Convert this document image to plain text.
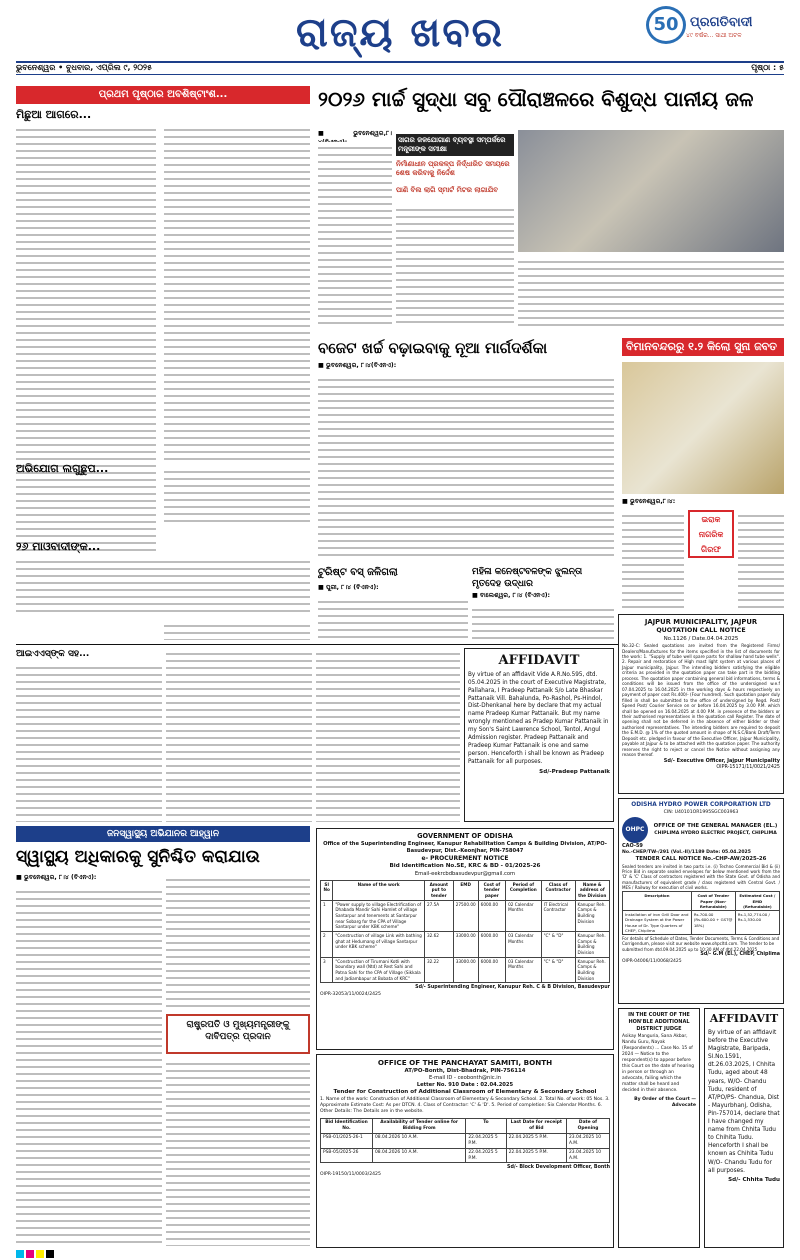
ରାଜ୍ୟ ଖବର	50 ପ୍ରଗତିବାଦୀ
୪୯ ବର୍ଷର... ସାଥୀ ଅଟଳ
ଭୁବନେଶ୍ୱର • ବୁଧବାର, ଏପ୍ରିଲ ୯, ୨୦୨୫	ପୃଷ୍ଠା : ୫
ପ୍ରଥମ ପୃଷ୍ଠାର ଅବଶିଷ୍ଟାଂଶ...
ମିଛୁଆ ଆଗରେ...
ଅଭିଯୋଗ ଲଗୁଛୁପ...
୨୬ ମାଓବାଦୀଙ୍କ...
୨୦୨୬ ମାର୍ଚ୍ଚ ସୁଦ୍ଧା ସବୁ ପୌରାଞ୍ଚଳରେ ବିଶୁଦ୍ଧ ପାନୀୟ ଜଳ
ସାଗର ଜଳଯୋଗାଣ ବ୍ୟବସ୍ଥା ସମ୍ପର୍କରେ ମନ୍ତ୍ରୀଙ୍କ ସମୀକ୍ଷା
ନିର୍ମାଣାଧୀନ ପ୍ରକଳ୍ପ ନିର୍ଦ୍ଧାରିତ ସମୟରେ ଶେଷ କରିବାକୁ ନିର୍ଦ୍ଦେଶ
ପାଣି ବିଲ ଲାଗି ସ୍ମାର୍ଟ ମିଟର ଲାଗାଯିବ
■ ଭୁବନେଶ୍ୱର,୮।
ବଜେଟ ଖର୍ଚ୍ଚ ବଢ଼ାଇବାକୁ ନୂଆ ମାର୍ଗଦର୍ଶିକା
■ ଭୁବନେଶ୍ୱର, ୮।୪(ବିଏନଏ):
ବିମାନବନ୍ଦରରୁ ୧.୨ କିଲୋ ସୁନା ଜବତ
■ ଭୁବନେଶ୍ୱର,୮।୪:
ଇରାକ
ନାଗରିକ
ଗିରଫ
ଟୁରିଷ୍ଟ ବସ୍ ଜଳିଗଲା
■ ପୁରୀ, ୮।୪ (ବିଏନଏ):
ମହିଳା କନେଷ୍ଟବଳଙ୍କ ଝୁଲନ୍ତା ମୃତଦେହ ଉଦ୍ଧାର
■ ବାଲେଶ୍ୱର, ୮।୪ (ବିଏନଏ):
ଆଇଏଏସ୍‌ଙ୍କ ସହ...	AFFIDAVIT
By virtue of an affidavit Vide A.R.No.595, dtd. 05.04.2025 in the court of Executive Magistrate, Pallahara, I Pradeep Pattanaik S/o Late Bhaskar Pattanaik Vill. Bahalunda, Po-Rashol, Ps-Hindol, Dist-Dhenkanal here by declare that my actual name Pradeep Kumar Pattanaik. But my name wrongly mentioned as Pradep Kumar Pattanaik in my Son's Saint Lawrence School, Tentol, Angul Admission register. Pradeep Pattanaik and Pradeep Kumar Pattanaik is one and same person. Henceforth i shall be known as Pradeep Pattanaik for all purposes.
Sd/-Pradeep Pattanaik
JAJPUR MUNICIPALITY, JAJPUR
QUOTATION CALL NOTICE
No.1126 / Date.04.04.2025
No.32-C: Sealed quotations are invited from the Registered Firms/ Dealers/Manufactures for the items specified in the list of documents for the work: 1. "Supply of tube well spare parts for shallow hand tube wells". 2. Repair and restoration of High mast light system at various places of Jajpur municipality, Jajpur. The intending bidders satisfying the eligible criteria as provided in the quotation paper can take part in the bidding process. The quotation paper containing general bid informations, terms & conditions will be issued from the office of the undersigned w.e.f 07.04.2025 to 16.04.2025 in the working days & hours respectively on payment of paper cost Rs.400/- (Four hundred). Such quotation paper duly filled in shall be submitted to the office of undersigned by Regd. Post/ Speed Post/ Courier Service on or before 16.04.2025 by 3.00 P.M. which shall be opened on 16.04.2025 at 4.00 P.M. in presence of the bidders or their authorised representatives in the quotation call Register. The date of opening shall not be deferred in the absence of either bidder or their authorised representatives. The intending bidders are required to deposit the E.M.D. @ 1% of the quoted amount in shape of N.S.C/Bank Draft/Term Deposit etc. pledged in favour of the Executive Officer, Jajpur Municipality, payable at Jajpur & to be attached with the quotation paper. The authority reserves the right to reject or cancel the Notice without assigning any reason thereof.
Sd/- Executive Officer, Jajpur Municipality
OIPR-15171/11/0021/2425
ODISHA HYDRO POWER CORPORATION LTD
CIN: U40101OR1995SGC003963
OHPC	OFFICE OF THE GENERAL MANAGER (EL.)
CHIPLIMA HYDRO ELECTRIC PROJECT, CHIPLIMA
CAO-59
No.-CHEP/TW-/291 (Vol.-II)/1189 Date: 05.04.2025
TENDER CALL NOTICE No.-CHP-AW/2025-26
Sealed tenders are invited in two parts i.e. (i) Techno Commercial Bid & (ii) Price Bid in separate sealed envelopes for below mentioned work from the 'D' & 'C' Class of contractors registered with the State Govt. of Odisha and manufacturers of equivalent grade / class registered with Central Govt. / MES / Railway for execution of civil works.
Description	Cost of Tender Paper (Non-Refundable)	Estimated Cost / EMD (Refundable)
Installation of iron Grill Door and Drainage System at the Power House of Dr. Type Quarters of CHEP, Chiplima	Rs.700.00 (Rs.600.00 + GST@ 18%)	Rs.1,52,774.00 / Rs.1,530.00
For details of Schedule of Dates, Tender Documents, Terms & Conditions and Corrigendum, please visit our website www.ohpcltd.com. The tender to be submitted from dtd.09.04.2025 up to 10:30 AM of dtd.22.04.2025
Sd/- G.M (El.), CHEP, Chiplima
OIPR-04006/11/0068/2425
ଜନସ୍ୱାସ୍ଥ୍ୟ ଅଭିଯାନର ଆହ୍ୱାନ
ସ୍ୱାସ୍ଥ୍ୟ ଅଧିକାରକୁ ସୁନିଶ୍ଚିତ କରାଯାଉ
■ ଭୁବନେଶ୍ୱର, ୮।୪ (ବିଏନଏ):
ରାଷ୍ଟ୍ରପତି ଓ ମୁଖ୍ୟମନ୍ତ୍ରୀଙ୍କୁ ଦାବିପତ୍ର ପ୍ରଦାନ
GOVERNMENT OF ODISHA
Office of the Superintending Engineer, Kanupur Rehabilitation Camps & Building Division, AT/PO-Basudevpur, Dist.-Keonjhar, PIN-758047
e- PROCUREMENT NOTICE
Bid Identification No.SE, KRC & BD - 01/2025-26
Email-eekrcbdbasudevpur@gmail.com
Sl No	Name of the work	Amount put to tender	EMD	Cost of tender paper	Period of Completion	Class of Contractor	Name & address of the Division
1	"Power supply to village Electrification of Dhabada Mandir Sahi Hamlet of village Santarpur and tenements at Santarpur near Sobarg for the CPA of Village Santarpur under KBK scheme"	27.5A	27500.00	6000.00	02 Calendar Months	IT Electrical Contractor	Kanupur Reh. Camps & Building Division
2	"Construction of village Link with bathing ghat at Hedumang of village Santarpur under KBK scheme"	32.62	33000.00	6000.00	03 Calendar Months	"C" & "D"	Kanupur Reh. Camps & Building Division
3	"Construction of Tirumani Kotli with boundary wall (Ntd) at Rest Sahi and Patna Sahi for the CPA of Village (Sikkala and Jadiambapur at Bobata of KRC"	32.22	33000.00	6000.00	03 Calendar Months	"C" & "D"	Kanupur Reh. Camps & Building Division
Sd/- Superintending Engineer, Kanupur Reh. C & B Division, Basudevpur
OIPR-32053/11/0024/2425
OFFICE OF THE PANCHAYAT SAMITI, BONTH
AT/PO-Bonth, Dist-Bhadrak, PIN-756114
E-mail ID - ceobonth@nic.in
Letter No. 910 Date : 02.04.2025
Tender for Construction of Additional Classroom of Elementary & Secondary School
1. Name of the work: Construction of Additional Classroom of Elementary & Secondary School. 2. Total No. of work: 05 Nos. 3. Approximate Estimate Cost: As per DTCN. 4. Class of Contractor: 'C' & 'D'. 5. Period of completion: Six Calendar Months. 6. Other Details: The Details are in the website.
Bid Identification No.	Availability of Tender online for Bidding From	To	Last Date for receipt of Bid	Date of Opening
PSB-01/2025-26-1	08.04.2026 10 A.M.	22.04.2025 5 P.M.	22.04.2025 5 P.M.	23.04.2025 10 A.M.
PSB-05/2025-26	08.04.2026 10 A.M.	22.04.2025 5 P.M.	22.04.2025 5 P.M.	23.04.2025 10 A.M.
Sd/- Block Development Officer, Bonth
OIPR-19150/11/0003/2425
IN THE COURT OF THE HON'BLE ADDITIONAL DISTRICT JUDGE
Asikay Manguria, Sana Akbar, Nandu Guru, Nayak (Respondents) ... Case No. 15 of 2024 — Notice to the respondent(s) to appear before this Court on the date of hearing in person or through an advocate, failing which the matter shall be heard and decided in their absence.
By Order of the Court — Advocate
AFFIDAVIT
By virtue of an affidavit before the Executive Magistrate, Baripada, Sl.No.1591, dt.26.03.2025, I Chhita Tudu, aged about 48 years, W/O- Chandu Tudu, resident of AT/PO/PS- Chandua, Dist - Mayurbhanj, Odisha, Pin-757014, declare that I have changed my name from Chhita Tudu to Chihita Tudu. Henceforth I shall be known as Chihita Tudu W/O- Chandu Tudu for all purposes.
Sd/- Chhita Tudu
